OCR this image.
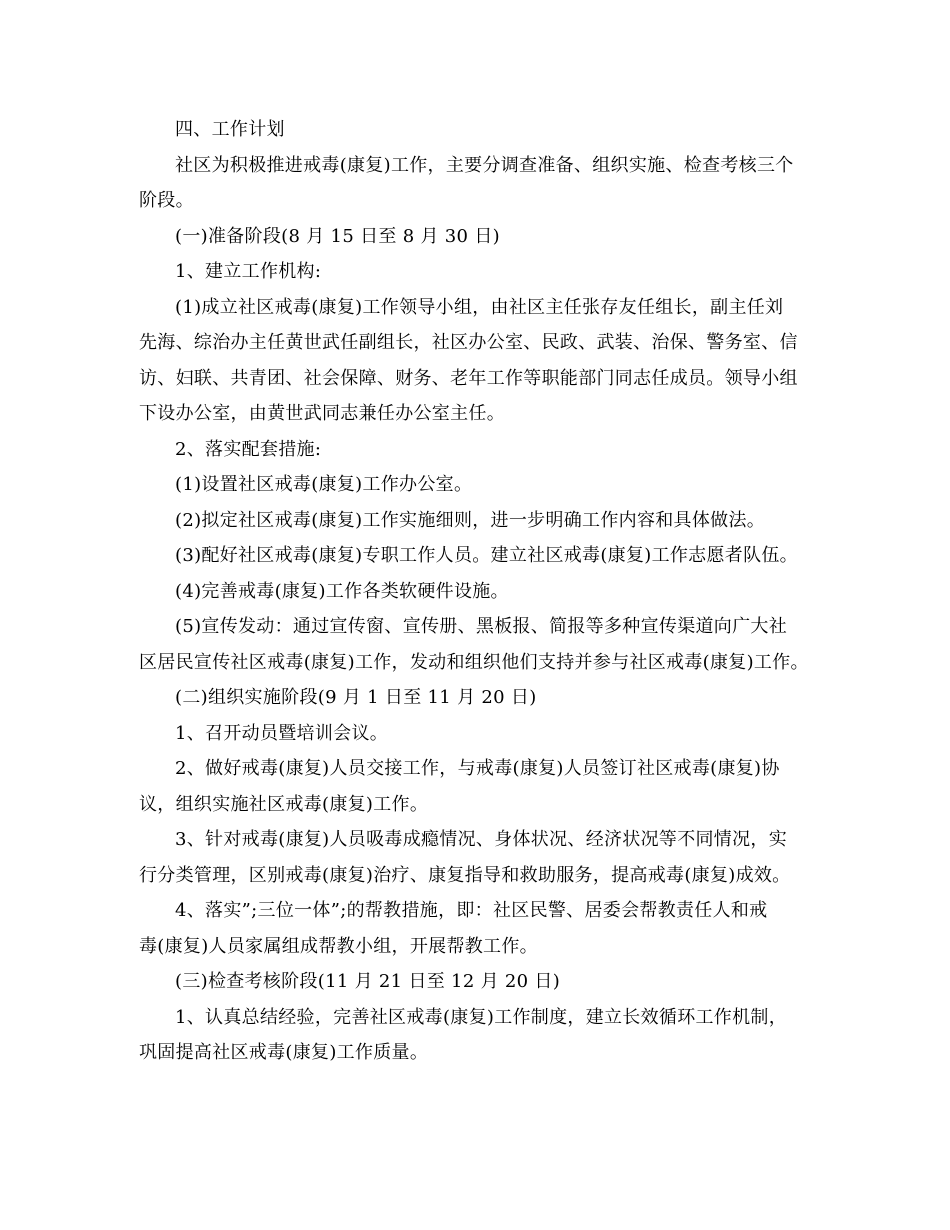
四、工作计划
社区为积极推进戒毒(康复)工作，主要分调查准备、组织实施、检查考核三个
阶段。
(一)准备阶段(8 月 15 日至 8 月 30 日)
1、建立工作机构:
(1)成立社区戒毒(康复)工作领导小组，由社区主任张存友任组长，副主任刘
先海、综治办主任黄世武任副组长，社区办公室、民政、武装、治保、警务室、信
访、妇联、共青团、社会保障、财务、老年工作等职能部门同志任成员。领导小组
下设办公室，由黄世武同志兼任办公室主任。
2、落实配套措施:
(1)设置社区戒毒(康复)工作办公室。
(2)拟定社区戒毒(康复)工作实施细则，进一步明确工作内容和具体做法。
(3)配好社区戒毒(康复)专职工作人员。建立社区戒毒(康复)工作志愿者队伍。
(4)完善戒毒(康复)工作各类软硬件设施。
(5)宣传发动：通过宣传窗、宣传册、黑板报、简报等多种宣传渠道向广大社
区居民宣传社区戒毒(康复)工作，发动和组织他们支持并参与社区戒毒(康复)工作。
(二)组织实施阶段(9 月 1 日至 11 月 20 日)
1、召开动员暨培训会议。
2、做好戒毒(康复)人员交接工作，与戒毒(康复)人员签订社区戒毒(康复)协
议，组织实施社区戒毒(康复)工作。
3、针对戒毒(康复)人员吸毒成瘾情况、身体状况、经济状况等不同情况，实
行分类管理，区别戒毒(康复)治疗、康复指导和救助服务，提高戒毒(康复)成效。
4、落实”;三位一体”;的帮教措施，即：社区民警、居委会帮教责任人和戒
毒(康复)人员家属组成帮教小组，开展帮教工作。
(三)检查考核阶段(11 月 21 日至 12 月 20 日)
1、认真总结经验，完善社区戒毒(康复)工作制度，建立长效循环工作机制，
巩固提高社区戒毒(康复)工作质量。
